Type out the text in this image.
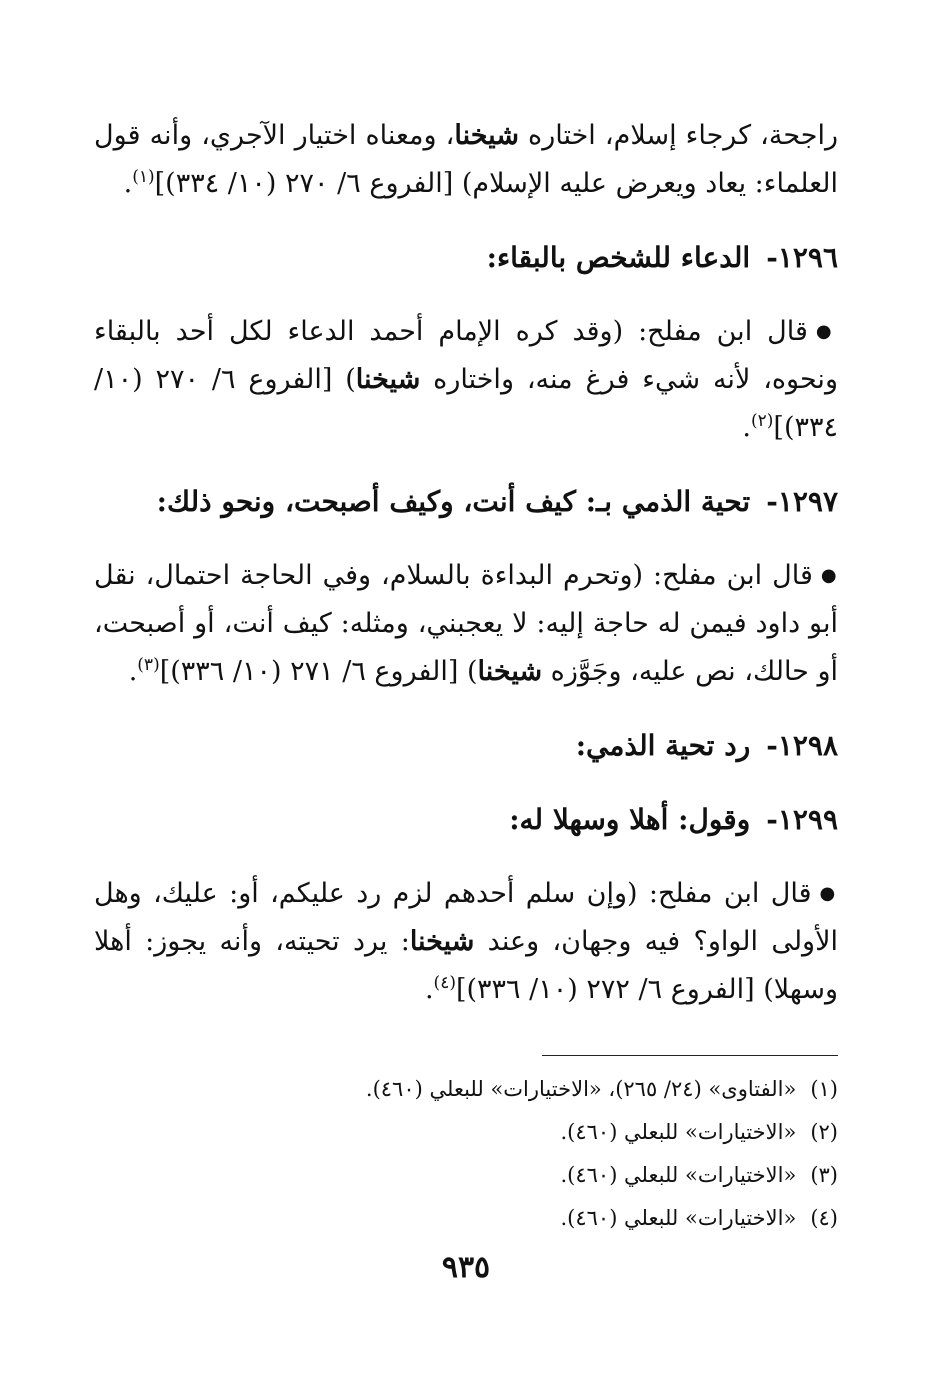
راجحة، كرجاء إسلام، اختاره شيخنا، ومعناه اختيار الآجري، وأنه قول العلماء: يعاد ويعرض عليه الإسلام) [الفروع ٦/ ٢٧٠ (١٠/ ٣٣٤)]$^{(١)}$.

١٢٩٦-الدعاء للشخص بالبقاء:

●قال ابن مفلح: (وقد كره الإمام أحمد الدعاء لكل أحد بالبقاء ونحوه، لأنه شيء فرغ منه، واختاره شيخنا) [الفروع ٦/ ٢٧٠ (١٠/ ٣٣٤)]$^{(٢)}$.

١٢٩٧-تحية الذمي بـ: كيف أنت، وكيف أصبحت، ونحو ذلك:

●قال ابن مفلح: (وتحرم البداءة بالسلام، وفي الحاجة احتمال، نقل أبو داود فيمن له حاجة إليه: لا يعجبني، ومثله: كيف أنت، أو أصبحت، أو حالك، نص عليه، وجَوَّزه شيخنا) [الفروع ٦/ ٢٧١ (١٠/ ٣٣٦)]$^{(٣)}$.

١٢٩٨-رد تحية الذمي:
١٢٩٩-وقول: أهلا وسهلا له:

●قال ابن مفلح: (وإن سلم أحدهم لزم رد عليكم، أو: عليك، وهل الأولى الواو؟ فيه وجهان، وعند شيخنا: يرد تحيته، وأنه يجوز: أهلا وسهلا) [الفروع ٦/ ٢٧٢ (١٠/ ٣٣٦)]$^{(٤)}$.

(١)«الفتاوى» (٢٤/ ٢٦٥)، «الاختيارات» للبعلي (٤٦٠).
(٢)«الاختيارات» للبعلي (٤٦٠).
(٣)«الاختيارات» للبعلي (٤٦٠).
(٤)«الاختيارات» للبعلي (٤٦٠).
٩٣٥
